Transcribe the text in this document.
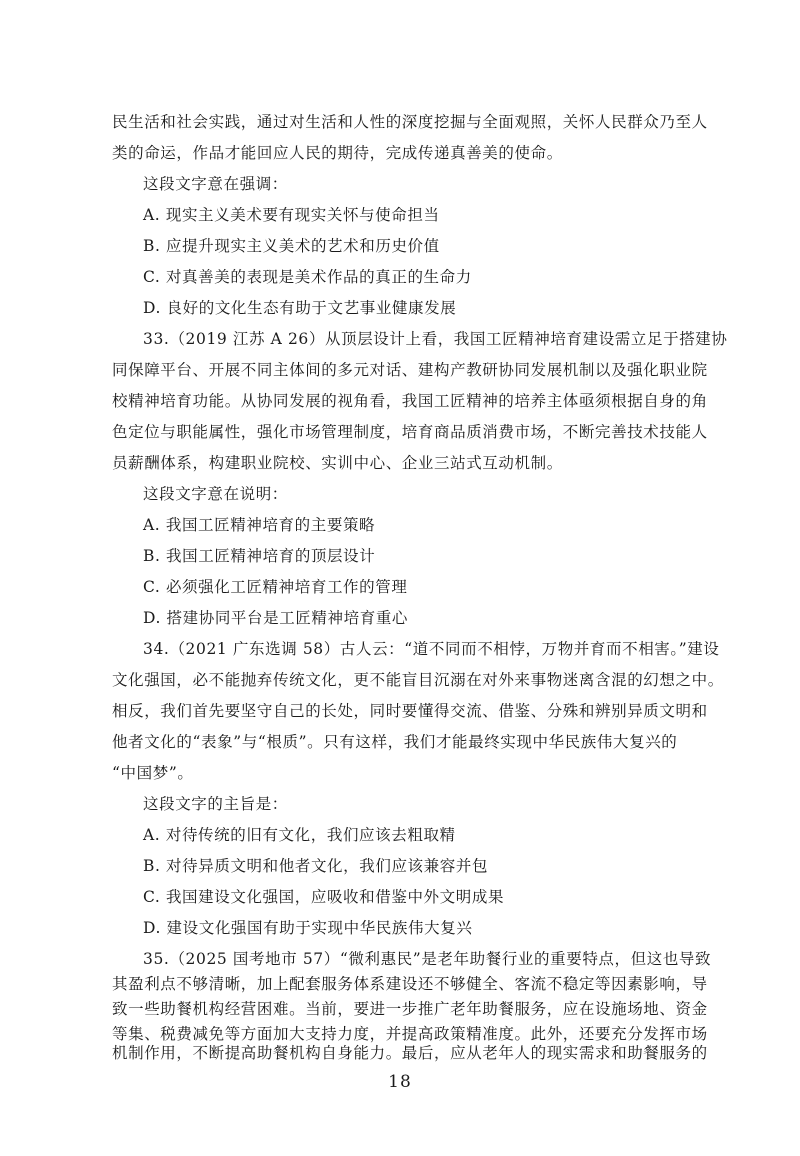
民生活和社会实践，通过对生活和人性的深度挖掘与全面观照，关怀人民群众乃至人
类的命运，作品才能回应人民的期待，完成传递真善美的使命。
这段文字意在强调：
A. 现实主义美术要有现实关怀与使命担当
B. 应提升现实主义美术的艺术和历史价值
C. 对真善美的表现是美术作品的真正的生命力
D. 良好的文化生态有助于文艺事业健康发展
33.（2019 江苏 A 26）从顶层设计上看，我国工匠精神培育建设需立足于搭建协
同保障平台、开展不同主体间的多元对话、建构产教研协同发展机制以及强化职业院
校精神培育功能。从协同发展的视角看，我国工匠精神的培养主体亟须根据自身的角
色定位与职能属性，强化市场管理制度，培育商品质消费市场，不断完善技术技能人
员薪酬体系，构建职业院校、实训中心、企业三站式互动机制。
这段文字意在说明：
A. 我国工匠精神培育的主要策略
B. 我国工匠精神培育的顶层设计
C. 必须强化工匠精神培育工作的管理
D. 搭建协同平台是工匠精神培育重心
34.（2021 广东选调 58）古人云：“道不同而不相悖，万物并育而不相害。”建设
文化强国，必不能抛弃传统文化，更不能盲目沉溺在对外来事物迷离含混的幻想之中。
相反，我们首先要坚守自己的长处，同时要懂得交流、借鉴、分殊和辨别异质文明和
他者文化的“表象”与“根质”。只有这样，我们才能最终实现中华民族伟大复兴的
“中国梦”。
这段文字的主旨是：
A. 对待传统的旧有文化，我们应该去粗取精
B. 对待异质文明和他者文化，我们应该兼容并包
C. 我国建设文化强国，应吸收和借鉴中外文明成果
D. 建设文化强国有助于实现中华民族伟大复兴
35.（2025 国考地市 57）“微利惠民”是老年助餐行业的重要特点，但这也导致
其盈利点不够清晰，加上配套服务体系建设还不够健全、客流不稳定等因素影响，导
致一些助餐机构经营困难。当前，要进一步推广老年助餐服务，应在设施场地、资金
等集、税费减免等方面加大支持力度，并提高政策精准度。此外，还要充分发挥市场
机制作用，不断提高助餐机构自身能力。最后，应从老年人的现实需求和助餐服务的
18
